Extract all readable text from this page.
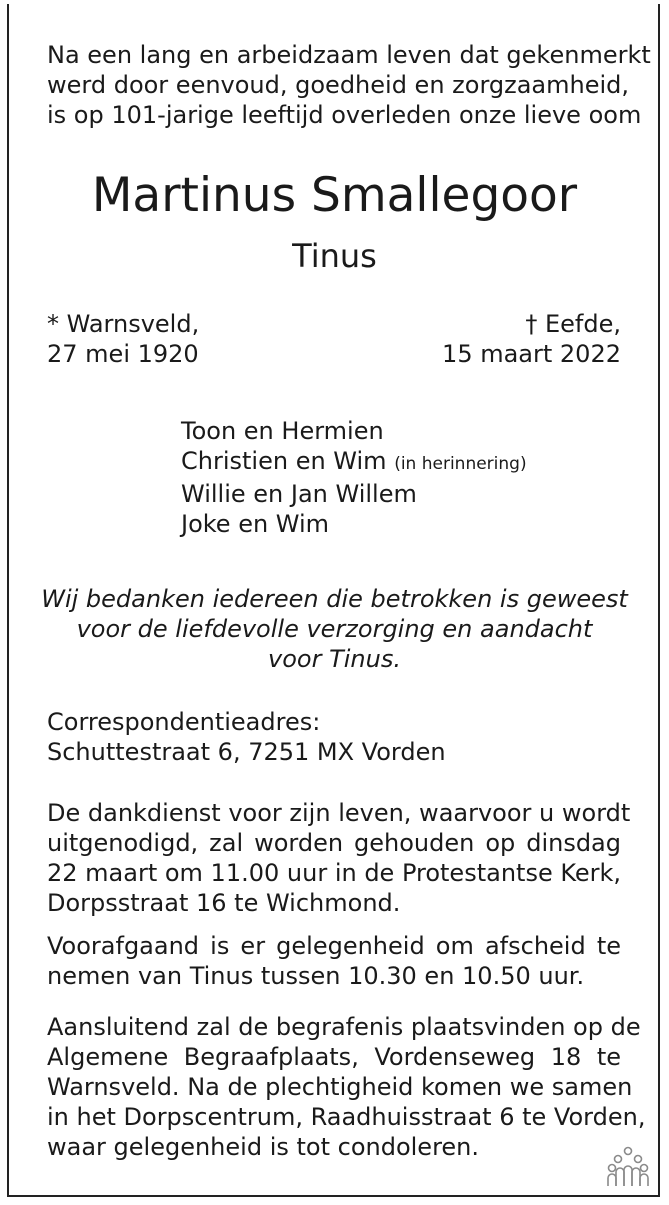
Na een lang en arbeidzaam leven dat gekenmerkt
werd door eenvoud, goedheid en zorgzaamheid,
is op 101-jarige leeftijd overleden onze lieve oom
Martinus Smallegoor
Tinus
* Warnsveld,
27 mei 1920
† Eefde,
15 maart 2022
Toon en Hermien
Christien en Wim (in herinnering)
Willie en Jan Willem
Joke en Wim
Wij bedanken iedereen die betrokken is geweest
voor de liefdevolle verzorging en aandacht
voor Tinus.
Correspondentieadres:
Schuttestraat 6, 7251 MX Vorden
De dankdienst voor zijn leven, waarvoor u wordt
uitgenodigd, zal worden gehouden op dinsdag
22 maart om 11.00 uur in de Protestantse Kerk,
Dorpsstraat 16 te Wichmond.
Voorafgaand is er gelegenheid om afscheid te
nemen van Tinus tussen 10.30 en 10.50 uur.
Aansluitend zal de begrafenis plaatsvinden op de
Algemene Begraafplaats, Vordenseweg 18 te
Warnsveld. Na de plechtigheid komen we samen
in het Dorpscentrum, Raadhuisstraat 6 te Vorden,
waar gelegenheid is tot condoleren.
